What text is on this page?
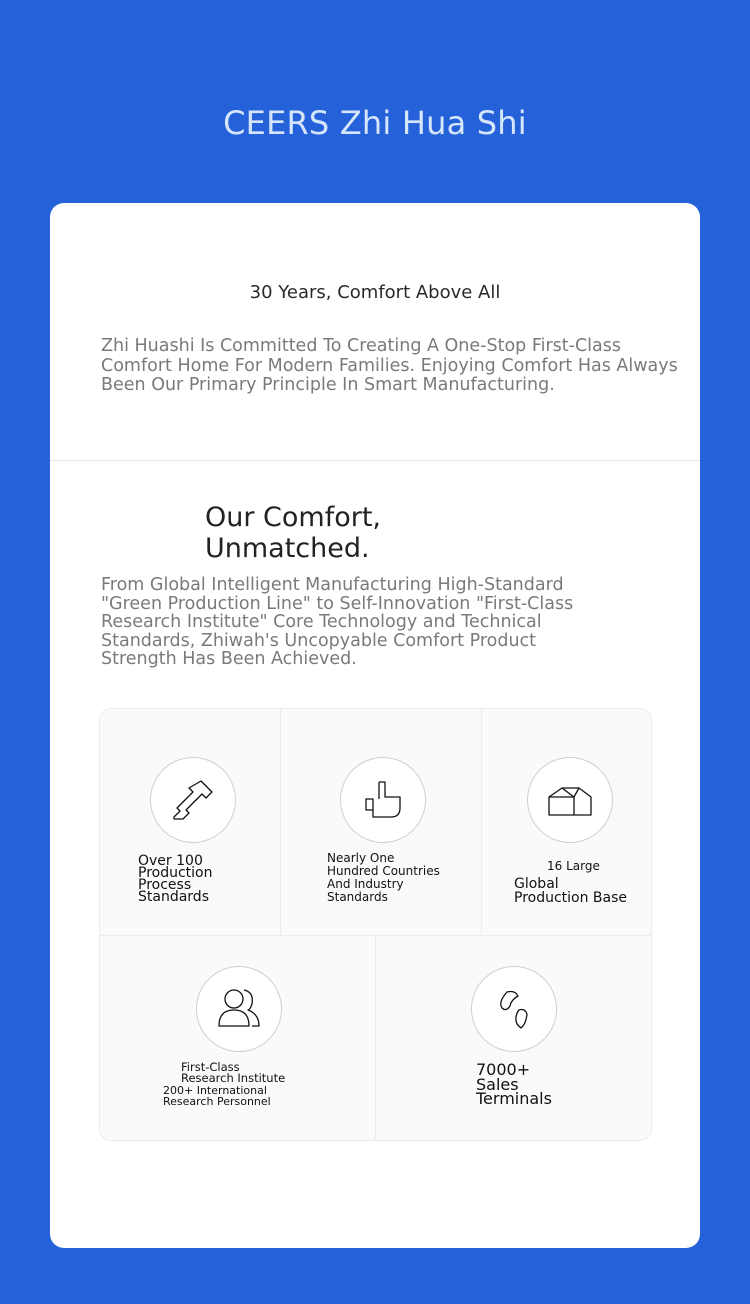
CEERS Zhi Hua Shi
30 Years, Comfort Above All
Zhi Huashi Is Committed To Creating A One-Stop First-Class Comfort Home For Modern Families. Enjoying Comfort Has Always Been Our Primary Principle In Smart Manufacturing.
Our Comfort,
Unmatched.
From Global Intelligent Manufacturing High-Standard "Green Production Line" to Self-Innovation "First-Class Research Institute" Core Technology and Technical Standards, Zhiwah's Uncopyable Comfort Product Strength Has Been Achieved.
Over 100
Production
Process
Standards
Nearly One
Hundred Countries
And Industry
Standards
16 Large
Global
Production Base
First-Class
Research Institute
200+ International
Research Personnel
7000+
Sales
Terminals
